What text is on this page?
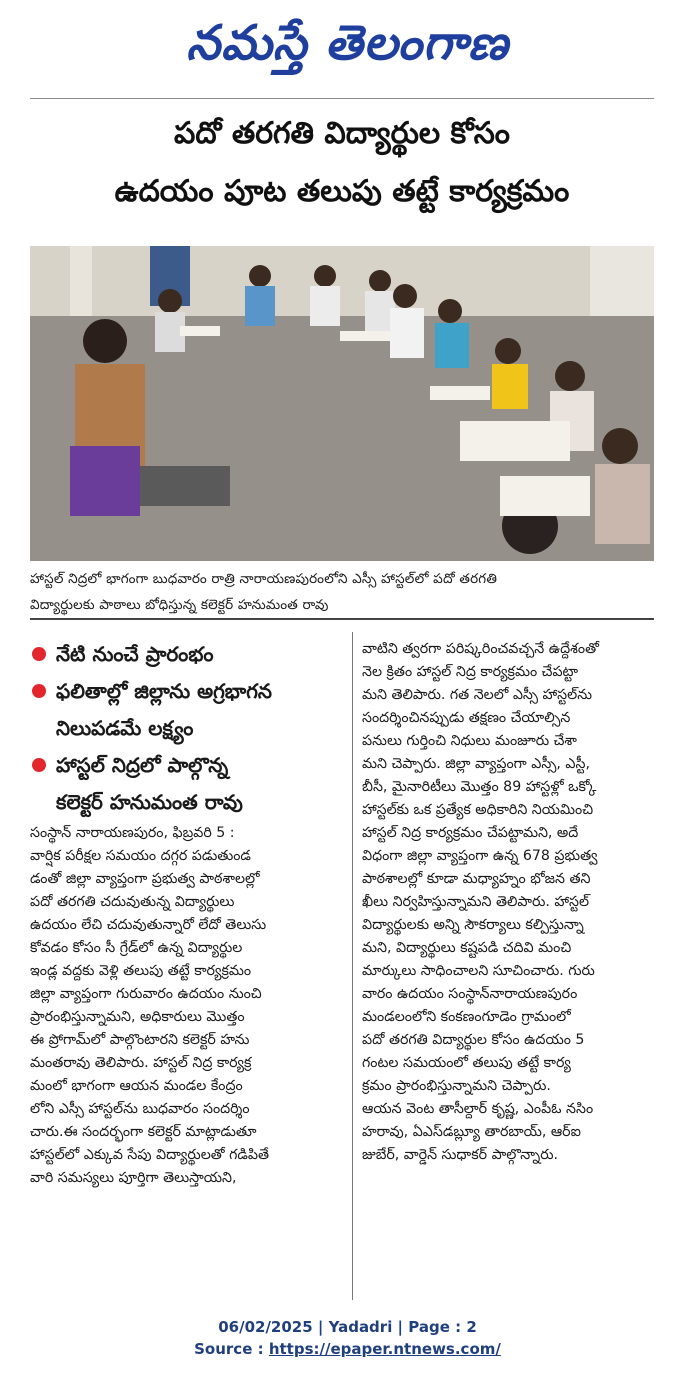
నమస్తే తెలంగాణ
పదో తరగతి విద్యార్థుల కోసం
ఉదయం పూట తలుపు తట్టే కార్యక్రమం
హాస్టల్‌ నిద్రలో భాగంగా బుధవారం రాత్రి నారాయణపురంలోని ఎస్సీ హాస్టల్‌లో పదో తరగతి
విద్యార్థులకు పాఠాలు బోధిస్తున్న కలెక్టర్‌ హనుమంత రావు
నేటి నుంచే ప్రారంభం
ఫలితాల్లో జిల్లాను అగ్రభాగన
నిలుపడమే లక్ష్యం
హాస్టల్‌ నిద్రలో పాల్గొన్న
కలెక్టర్‌ హనుమంత రావు
సంస్థాన్‌ నారాయణపురం, ఫిబ్రవరి 5 :
వార్షిక పరీక్షల సమయం దగ్గర పడుతుండ
డంతో జిల్లా వ్యాప్తంగా ప్రభుత్వ పాఠశాలల్లో
పదో తరగతి చదువుతున్న విద్యార్థులు
ఉదయం లేచి చదువుతున్నారో లేదో తెలుసు
కోవడం కోసం సీ గ్రేడ్‌లో ఉన్న విద్యార్థుల
ఇండ్ల వద్దకు వెళ్లి తలుపు తట్టే కార్యక్రమం
జిల్లా వ్యాప్తంగా గురువారం ఉదయం నుంచి
ప్రారంభిస్తున్నామని, అధికారులు మొత్తం
ఈ ప్రోగామ్‌లో పాల్గొంటారని కలెక్టర్‌ హను
మంతరావు తెలిపారు. హాస్టల్‌ నిద్ర కార్యక్ర
మంలో భాగంగా ఆయన మండల కేంద్రం
లోని ఎస్సీ హాస్టల్‌ను బుధవారం సందర్శిం
చారు.ఈ సందర్భంగా కలెక్టర్‌ మాట్లాడుతూ
హాస్టల్‌లో ఎక్కువ సేపు విద్యార్థులతో గడిపితే
వారి సమస్యలు పూర్తిగా తెలుస్తాయని,
వాటిని త్వరగా పరిష్కరించవచ్చనే ఉద్దేశంతో
నెల క్రితం హాస్టల్‌ నిద్ర కార్యక్రమం చేపట్టా
మని తెలిపారు. గత నెలలో ఎస్సీ హాస్టల్‌ను
సందర్శించినప్పుడు తక్షణం చేయాల్సిన
పనులు గుర్తించి నిధులు మంజూరు చేశా
మని చెప్పారు. జిల్లా వ్యాప్తంగా ఎస్సీ, ఎస్టీ,
బీసీ, మైనారిటీలు మొత్తం 89 హాస్టళ్లో ఒక్కో
హాస్టల్‌కు ఒక ప్రత్యేక అధికారిని నియమించి
హాస్టల్‌ నిద్ర కార్యక్రమం చేపట్టామని, అదే
విధంగా జిల్లా వ్యాప్తంగా ఉన్న 678 ప్రభుత్వ
పాఠశాలల్లో కూడా మధ్యాహ్నం భోజన తని
ఖీలు నిర్వహిస్తున్నామని తెలిపారు. హాస్టల్‌
విద్యార్థులకు అన్ని సౌకర్యాలు కల్పిస్తున్నా
మని, విద్యార్థులు కష్టపడి చదివి మంచి
మార్కులు సాధించాలని సూచించారు. గురు
వారం ఉదయం సంస్థాన్‌నారాయణపురం
మండలంలోని కంకణంగూడెం గ్రామంలో
పదో తరగతి విద్యార్థుల కోసం ఉదయం 5
గంటల సమయంలో తలుపు తట్టే కార్య
క్రమం ప్రారంభిస్తున్నామని చెప్పారు.
ఆయన వెంట తాసీల్దార్‌ కృష్ణ, ఎంపీఓ నసిం
హరావు, ఏఎస్‌డబ్ల్యూ తారబాయ్‌, ఆర్‌ఐ
జుబేర్‌, వార్డెన్‌ సుధాకర్‌ పాల్గొన్నారు.
06/02/2025 | Yadadri | Page : 2
Source : https://epaper.ntnews.com/
